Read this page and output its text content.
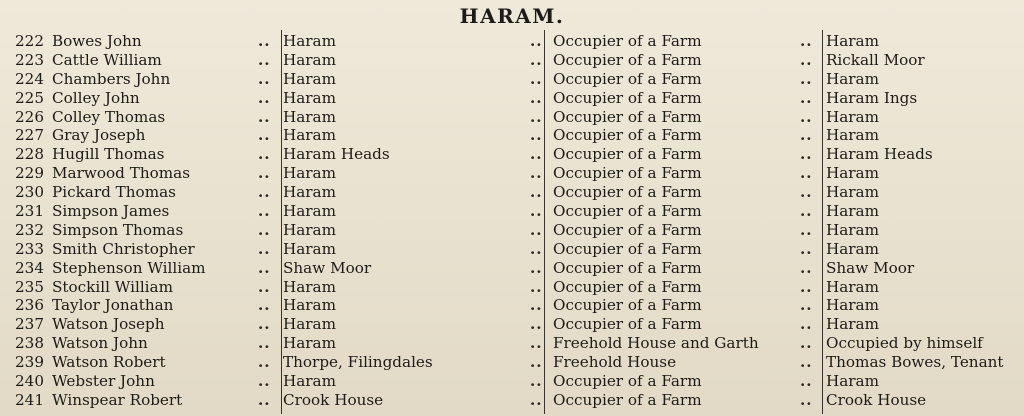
HARAM.
222 Bowes John	.. Haram	.. Occupier of a Farm	.. Haram
223 Cattle William	.. Haram	.. Occupier of a Farm	.. Rickall Moor
224 Chambers John	.. Haram	.. Occupier of a Farm	.. Haram
225 Colley John	.. Haram	.. Occupier of a Farm	.. Haram Ings
226 Colley Thomas	.. Haram	.. Occupier of a Farm	.. Haram
227 Gray Joseph	.. Haram	.. Occupier of a Farm	.. Haram
228 Hugill Thomas	.. Haram Heads	.. Occupier of a Farm	.. Haram Heads
229 Marwood Thomas	.. Haram	.. Occupier of a Farm	.. Haram
230 Pickard Thomas	.. Haram	.. Occupier of a Farm	.. Haram
231 Simpson James	.. Haram	.. Occupier of a Farm	.. Haram
232 Simpson Thomas	.. Haram	.. Occupier of a Farm	.. Haram
233 Smith Christopher	.. Haram	.. Occupier of a Farm	.. Haram
234 Stephenson William	.. Shaw Moor	.. Occupier of a Farm	.. Shaw Moor
235 Stockill William	.. Haram	.. Occupier of a Farm	.. Haram
236 Taylor Jonathan	.. Haram	.. Occupier of a Farm	.. Haram
237 Watson Joseph	.. Haram	.. Occupier of a Farm	.. Haram
238 Watson John	.. Haram	.. Freehold House and Garth	.. Occupied by himself
239 Watson Robert	.. Thorpe, Filingdales	.. Freehold House	.. Thomas Bowes, Tenant
240 Webster John	.. Haram	.. Occupier of a Farm	.. Haram
241 Winspear Robert	.. Crook House	.. Occupier of a Farm	.. Crook House
